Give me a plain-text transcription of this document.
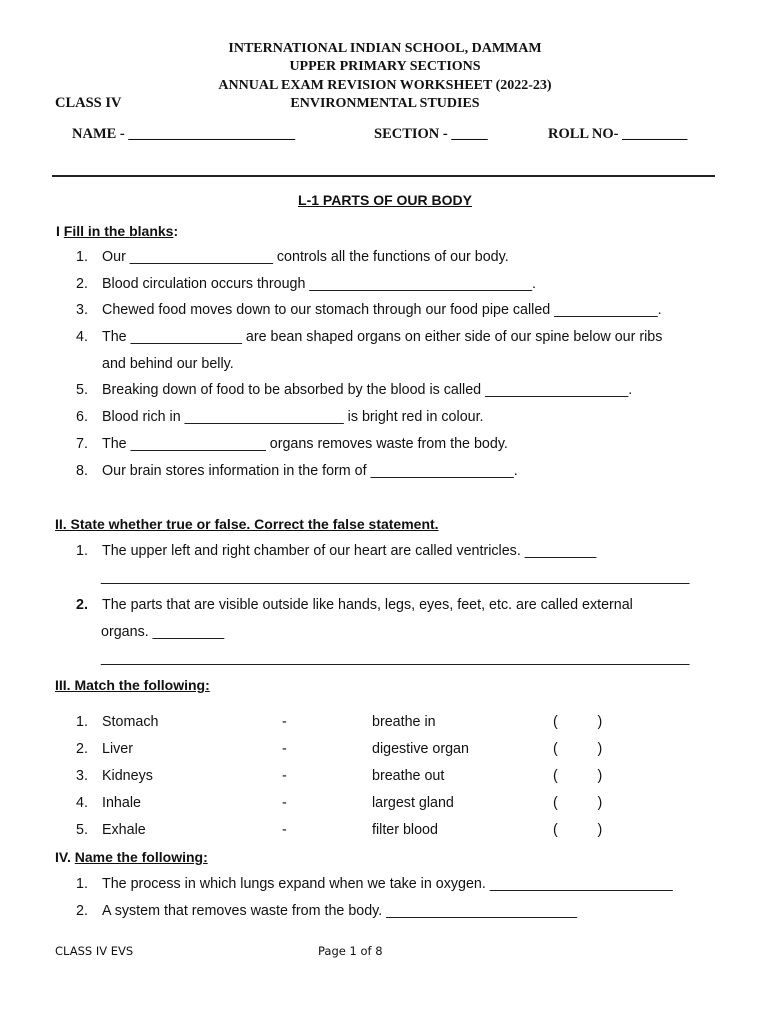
INTERNATIONAL INDIAN SCHOOL, DAMMAM
UPPER PRIMARY SECTIONS
ANNUAL EXAM REVISION WORKSHEET (2022-23)
CLASS IV	ENVIRONMENTAL STUDIES
NAME - _______________________	SECTION - _____	ROLL NO- _________
L-1 PARTS OF OUR BODY
I Fill in the blanks:
1. Our __________________ controls all the functions of our body.
2. Blood circulation occurs through ____________________________.
3. Chewed food moves down to our stomach through our food pipe called _____________.
4. The ______________ are bean shaped organs on either side of our spine below our ribs
and behind our belly.
5. Breaking down of food to be absorbed by the blood is called __________________.
6. Blood rich in ____________________ is bright red in colour.
7. The _________________ organs removes waste from the body.
8. Our brain stores information in the form of __________________.
II. State whether true or false. Correct the false statement.
1. The upper left and right chamber of our heart are called ventricles. _________
__________________________________________________________________________
2. The parts that are visible outside like hands, legs, eyes, feet, etc. are called external
organs. _________
__________________________________________________________________________
III. Match the following:
1. Stomach	-	breathe in	(          )
2. Liver	-	digestive organ	(          )
3. Kidneys	-	breathe out	(          )
4. Inhale	-	largest gland	(          )
5. Exhale	-	filter blood	(          )
IV. Name the following:
1. The process in which lungs expand when we take in oxygen. _______________________
2. A system that removes waste from the body. ________________________
CLASS IV EVS	Page 1 of 8
